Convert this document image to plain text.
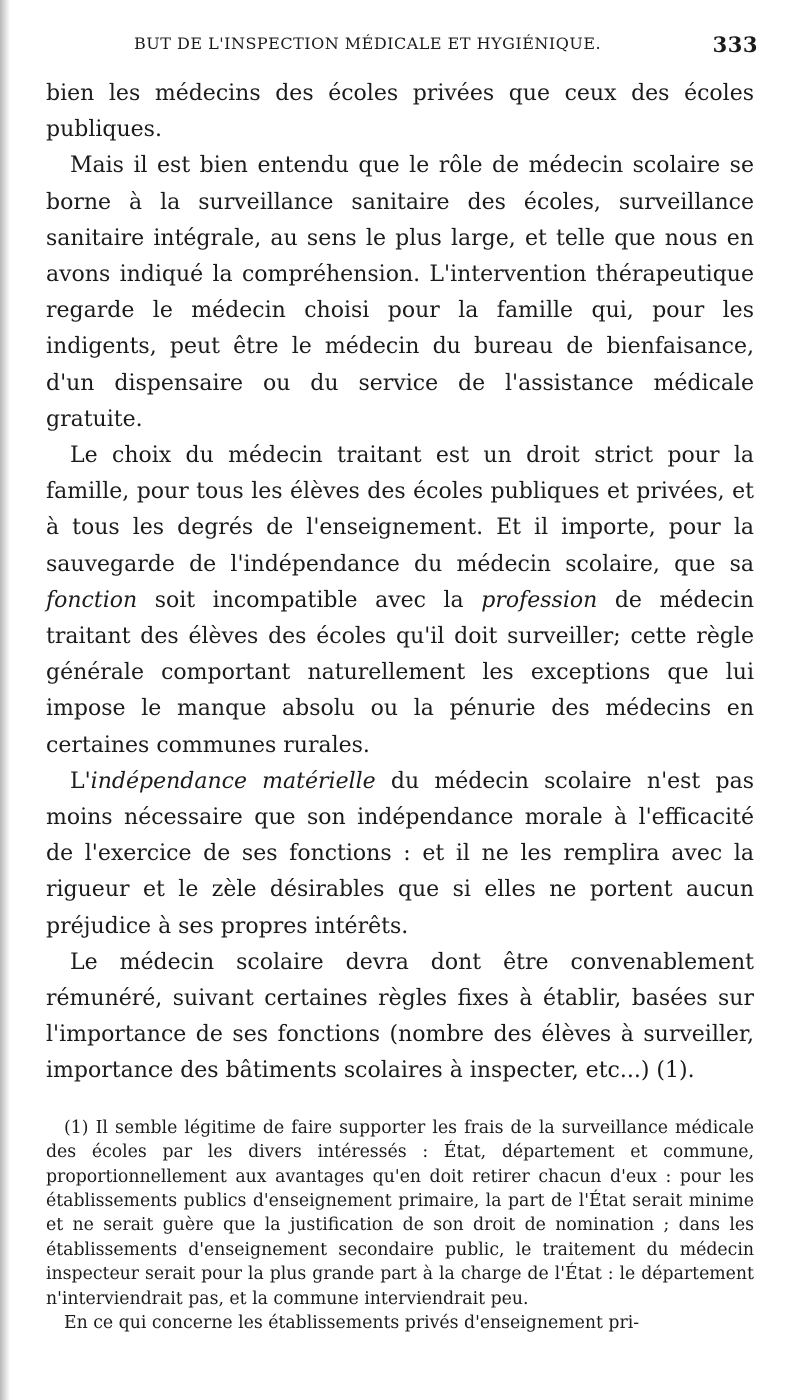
BUT DE L'INSPECTION MÉDICALE ET HYGIÉNIQUE.	333

bien les médecins des écoles privées que ceux des écoles publiques.

Mais il est bien entendu que le rôle de médecin scolaire se borne à la surveillance sanitaire des écoles, surveillance sanitaire intégrale, au sens le plus large, et telle que nous en avons indiqué la compréhension. L'intervention thérapeutique regarde le médecin choisi pour la famille qui, pour les indigents, peut être le médecin du bureau de bienfaisance, d'un dispensaire ou du service de l'assistance médicale gratuite.

Le choix du médecin traitant est un droit strict pour la famille, pour tous les élèves des écoles publiques et privées, et à tous les degrés de l'enseignement. Et il importe, pour la sauvegarde de l'indépendance du médecin scolaire, que sa fonction soit incompatible avec la profession de médecin traitant des élèves des écoles qu'il doit surveiller; cette règle générale comportant naturellement les exceptions que lui impose le manque absolu ou la pénurie des médecins en certaines communes rurales.

L'indépendance matérielle du médecin scolaire n'est pas moins nécessaire que son indépendance morale à l'efficacité de l'exercice de ses fonctions : et il ne les remplira avec la rigueur et le zèle désirables que si elles ne portent aucun préjudice à ses propres intérêts.

Le médecin scolaire devra dont être convenablement rémunéré, suivant certaines règles fixes à établir, basées sur l'importance de ses fonctions (nombre des élèves à surveiller, importance des bâtiments scolaires à inspecter, etc...) (1).

(1) Il semble légitime de faire supporter les frais de la surveillance médicale des écoles par les divers intéressés : État, département et commune, proportionnellement aux avantages qu'en doit retirer chacun d'eux : pour les établissements publics d'enseignement primaire, la part de l'État serait minime et ne serait guère que la justification de son droit de nomination ; dans les établissements d'enseignement secondaire public, le traitement du médecin inspecteur serait pour la plus grande part à la charge de l'État : le département n'interviendrait pas, et la commune interviendrait peu.

En ce qui concerne les établissements privés d'enseignement pri-
